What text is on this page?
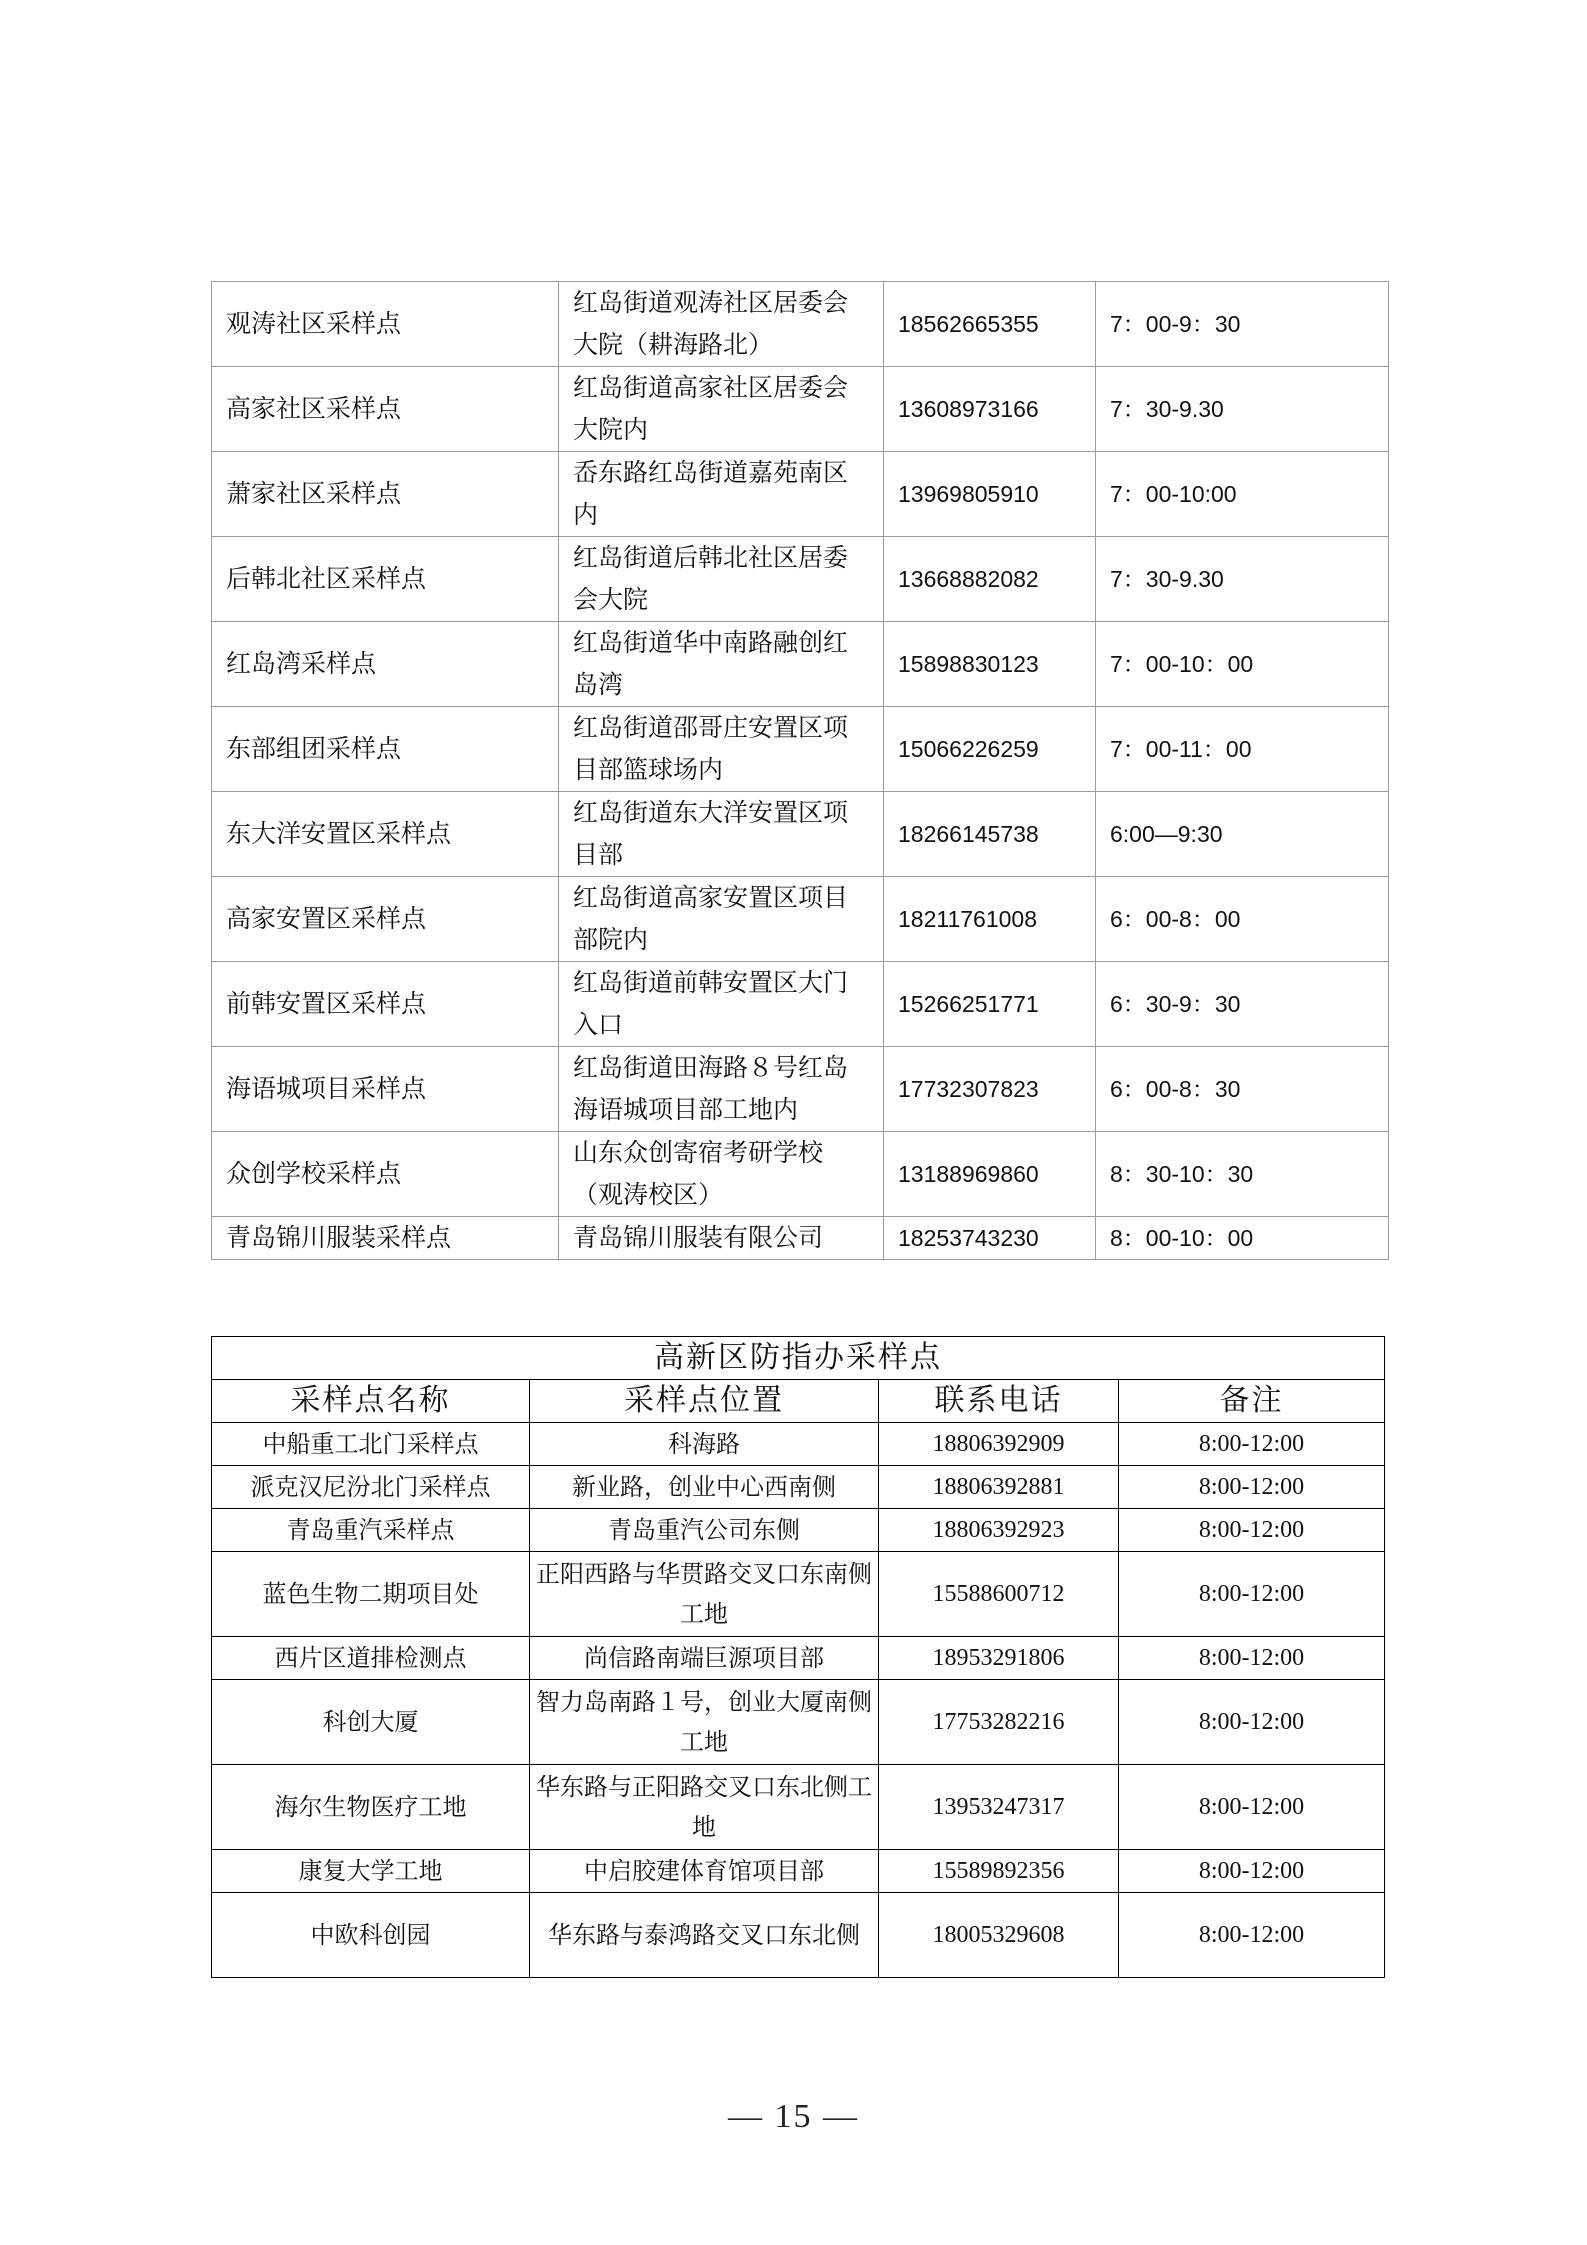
观涛社区采样点	红岛街道观涛社区居委会大院（耕海路北）	18562665355	7：00-9：30
高家社区采样点	红岛街道高家社区居委会大院内	13608973166	7：30-9.30
萧家社区采样点	岙东路红岛街道嘉苑南区内	13969805910	7：00-10:00
后韩北社区采样点	红岛街道后韩北社区居委会大院	13668882082	7：30-9.30
红岛湾采样点	红岛街道华中南路融创红岛湾	15898830123	7：00-10：00
东部组团采样点	红岛街道邵哥庄安置区项目部篮球场内	15066226259	7：00-11：00
东大洋安置区采样点	红岛街道东大洋安置区项目部	18266145738	6:00—9:30
高家安置区采样点	红岛街道高家安置区项目部院内	18211761008	6：00-8：00
前韩安置区采样点	红岛街道前韩安置区大门入口	15266251771	6：30-9：30
海语城项目采样点	红岛街道田海路８号红岛海语城项目部工地内	17732307823	6：00-8：30
众创学校采样点	山东众创寄宿考研学校（观涛校区）	13188969860	8：30-10：30
青岛锦川服装采样点	青岛锦川服装有限公司	18253743230	8：00-10：00
高新区防指办采样点			
采样点名称	采样点位置	联系电话	备注
中船重工北门采样点	科海路	18806392909	8:00-12:00
派克汉尼汾北门采样点	新业路，创业中心西南侧	18806392881	8:00-12:00
青岛重汽采样点	青岛重汽公司东侧	18806392923	8:00-12:00
蓝色生物二期项目处	正阳西路与华贯路交叉口东南侧工地	15588600712	8:00-12:00
西片区道排检测点	尚信路南端巨源项目部	18953291806	8:00-12:00
科创大厦	智力岛南路１号，创业大厦南侧工地	17753282216	8:00-12:00
海尔生物医疗工地	华东路与正阳路交叉口东北侧工地	13953247317	8:00-12:00
康复大学工地	中启胶建体育馆项目部	15589892356	8:00-12:00
中欧科创园	华东路与泰鸿路交叉口东北侧	18005329608	8:00-12:00
— 15 —
